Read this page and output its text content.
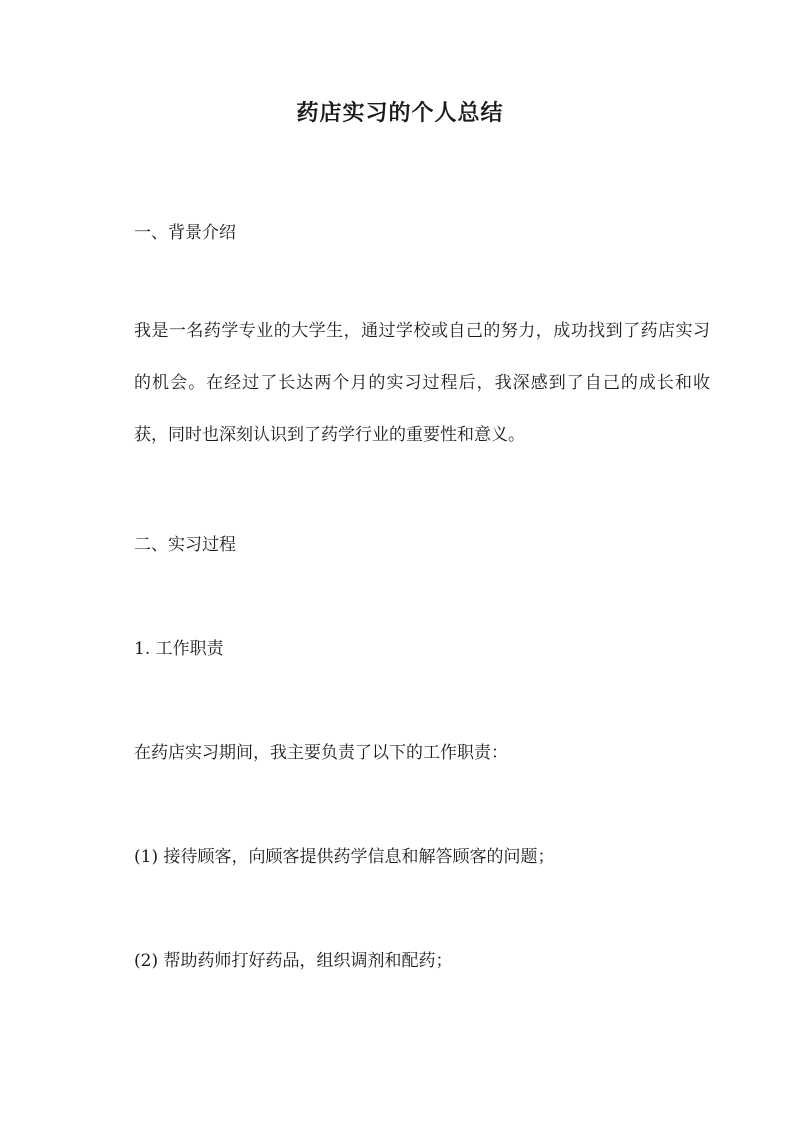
药店实习的个人总结
一、背景介绍

我是一名药学专业的大学生，通过学校或自己的努力，成功找到了药店实习的机会。在经过了长达两个月的实习过程后，我深感到了自己的成长和收获，同时也深刻认识到了药学行业的重要性和意义。

二、实习过程
1. 工作职责

在药店实习期间，我主要负责了以下的工作职责：

(1) 接待顾客，向顾客提供药学信息和解答顾客的问题；

(2) 帮助药师打好药品，组织调剂和配药；
